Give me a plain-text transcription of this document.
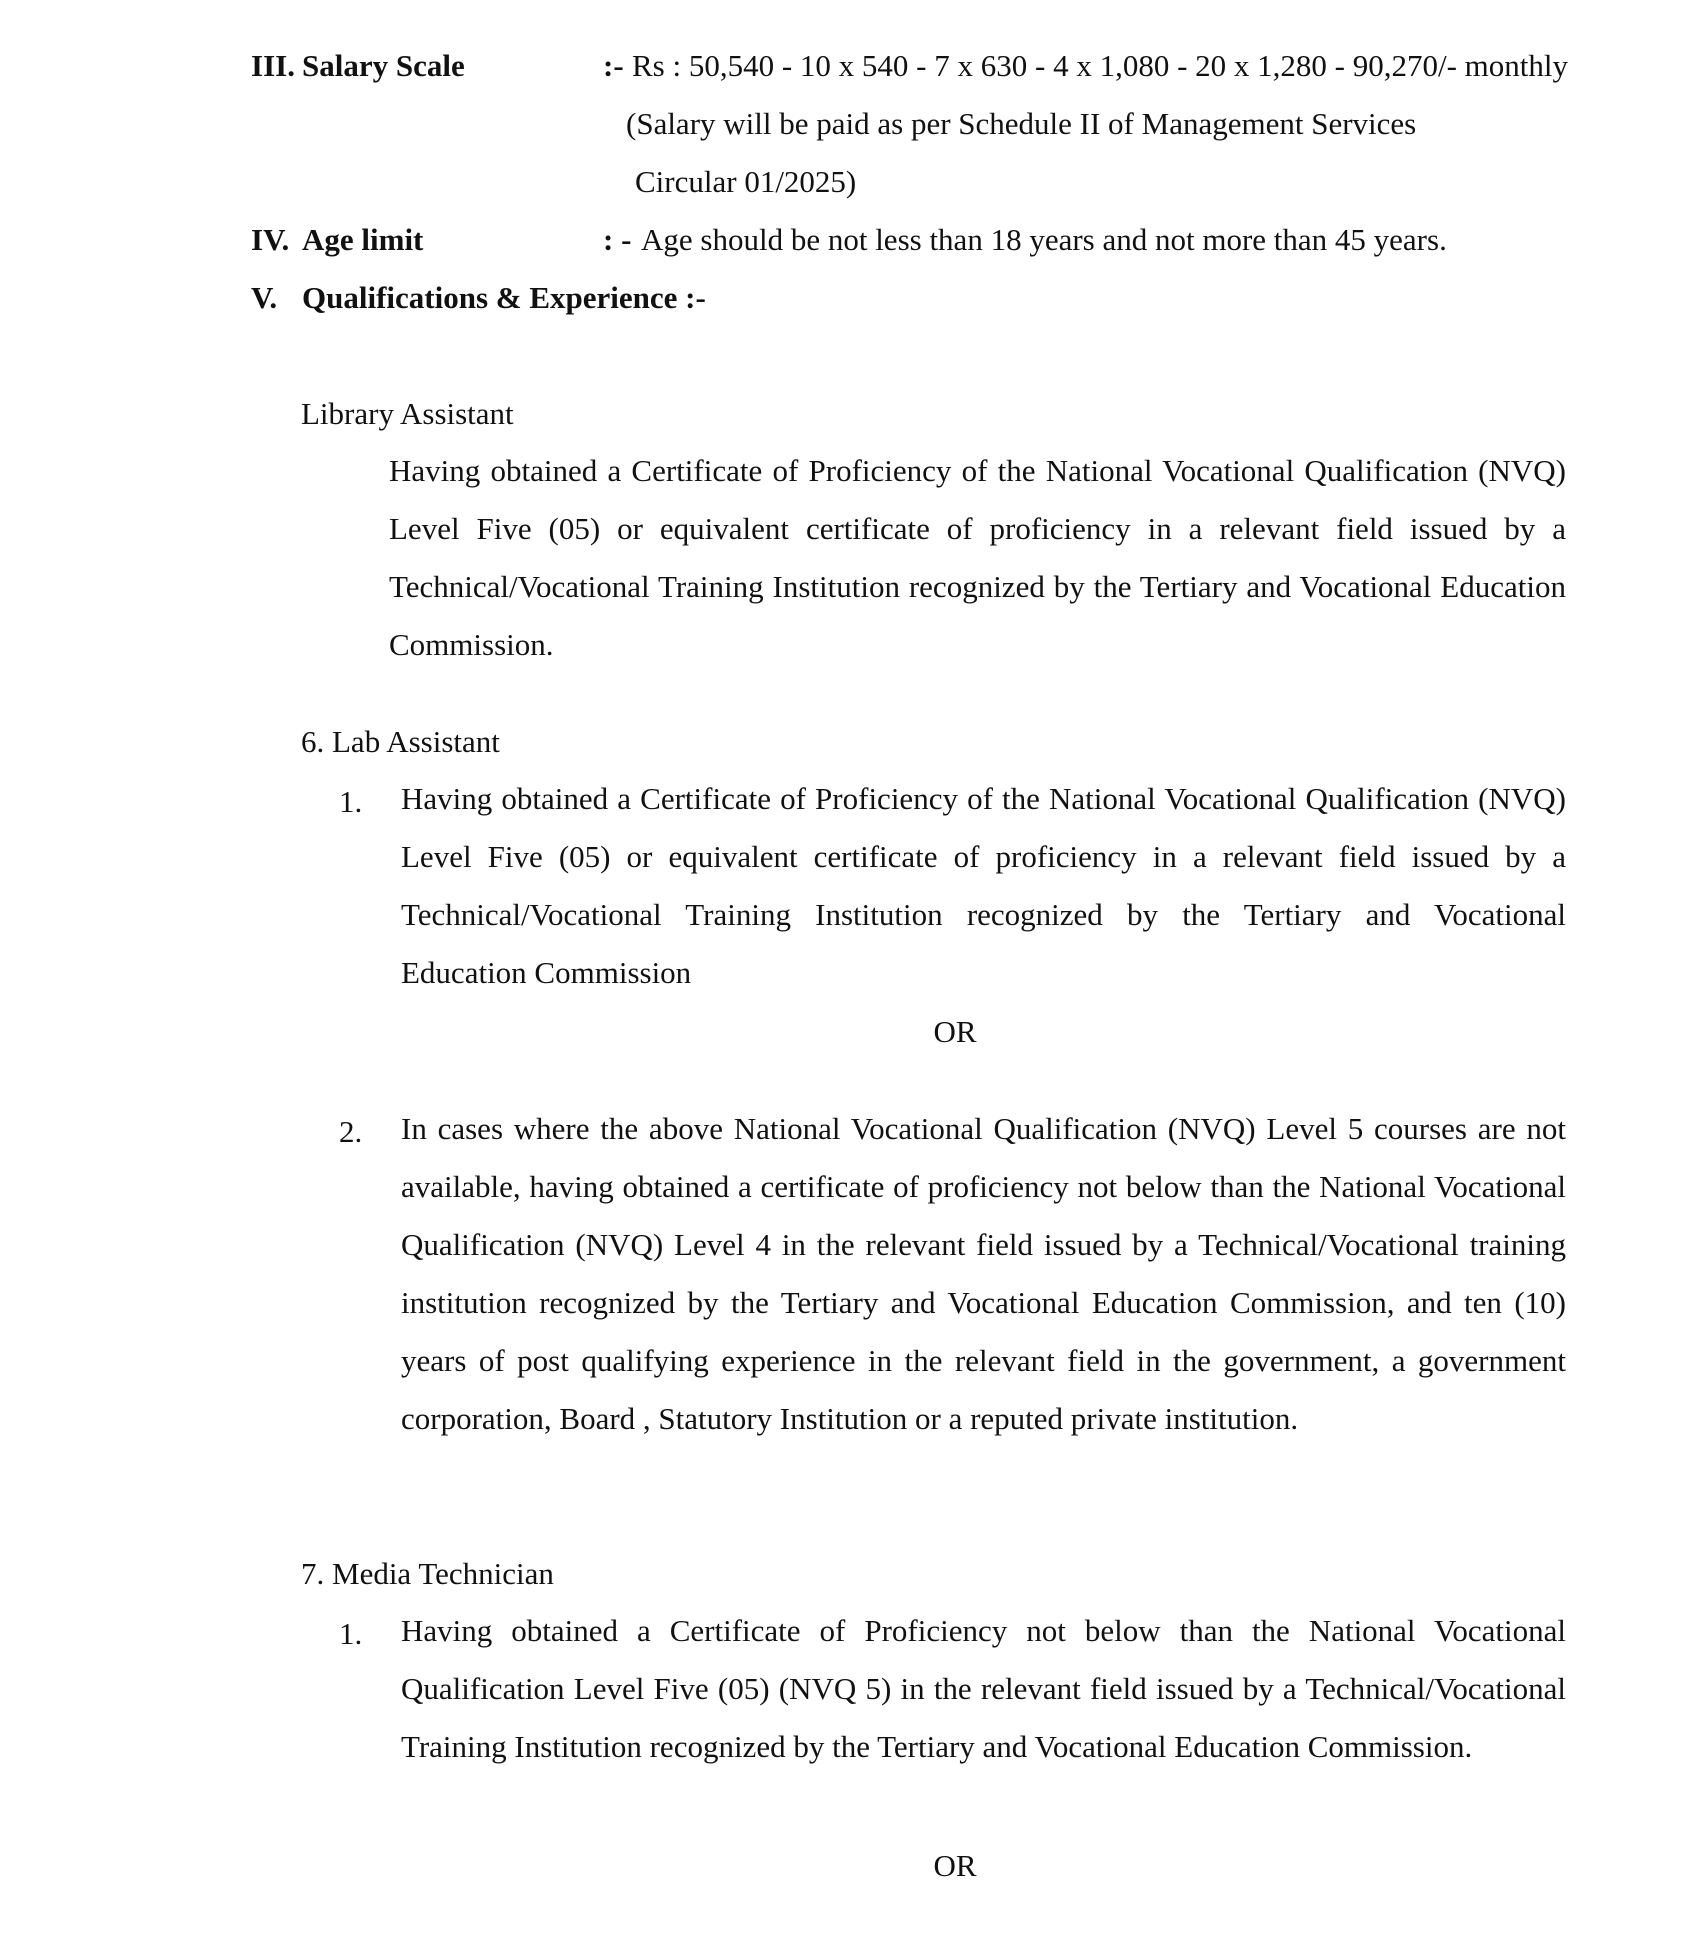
III. Salary Scale	:- Rs : 50,540 - 10 x 540 - 7 x 630 - 4 x 1,080 - 20 x 1,280 - 90,270/- monthly
(Salary will be paid as per Schedule II of Management Services
Circular 01/2025)
IV. Age limit	: - Age should be not less than 18 years and not more than 45 years.
V. Qualifications & Experience :-
Library Assistant
Having obtained a Certificate of Proficiency of the National Vocational Qualification (NVQ) Level Five (05) or equivalent certificate of proficiency in a relevant field issued by a Technical/Vocational Training Institution recognized by the Tertiary and Vocational Education Commission.
6. Lab Assistant
1. Having obtained a Certificate of Proficiency of the National Vocational Qualification (NVQ) Level Five (05) or equivalent certificate of proficiency in a relevant field issued by a Technical/Vocational Training Institution recognized by the Tertiary and Vocational Education Commission
OR
2. In cases where the above National Vocational Qualification (NVQ) Level 5 courses are not available, having obtained a certificate of proficiency not below than the National Vocational Qualification (NVQ) Level 4 in the relevant field issued by a Technical/Vocational training institution recognized by the Tertiary and Vocational Education Commission, and ten (10) years of post qualifying experience in the relevant field in the government, a government corporation, Board , Statutory Institution or a reputed private institution.
7. Media Technician
1. Having obtained a Certificate of Proficiency not below than the National Vocational Qualification Level Five (05) (NVQ 5) in the relevant field issued by a Technical/Vocational Training Institution recognized by the Tertiary and Vocational Education Commission.
OR
